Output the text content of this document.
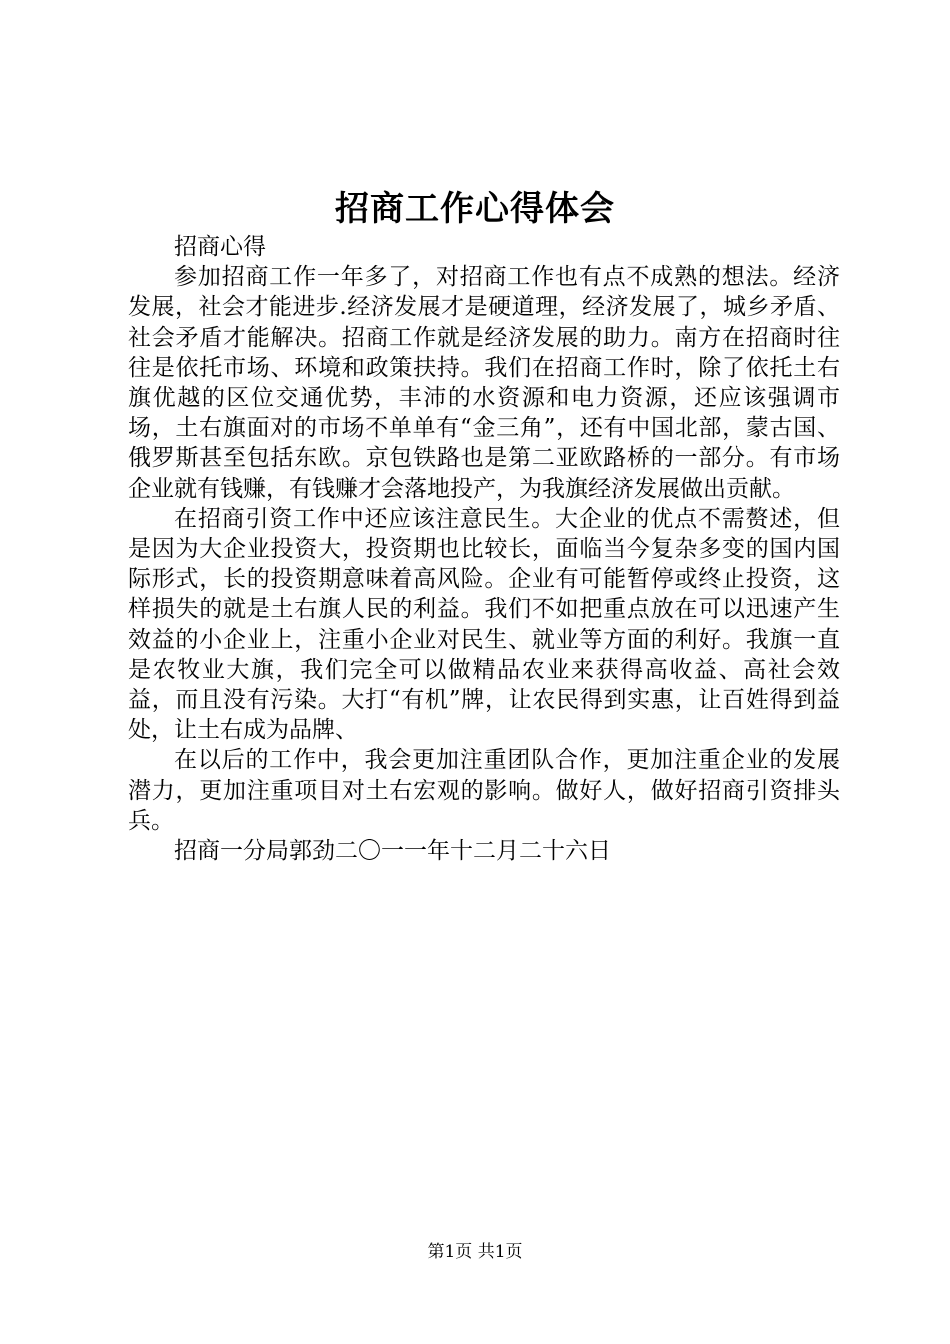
招商工作心得体会

招商心得

参加招商工作一年多了，对招商工作也有点不成熟的想法。经济发展，社会才能进步.经济发展才是硬道理，经济发展了，城乡矛盾、社会矛盾才能解决。招商工作就是经济发展的助力。南方在招商时往往是依托市场、环境和政策扶持。我们在招商工作时，除了依托土右旗优越的区位交通优势，丰沛的水资源和电力资源，还应该强调市场，土右旗面对的市场不单单有“金三角”，还有中国北部，蒙古国、俄罗斯甚至包括东欧。京包铁路也是第二亚欧路桥的一部分。有市场企业就有钱赚，有钱赚才会落地投产，为我旗经济发展做出贡献。

在招商引资工作中还应该注意民生。大企业的优点不需赘述，但是因为大企业投资大，投资期也比较长，面临当今复杂多变的国内国际形式，长的投资期意味着高风险。企业有可能暂停或终止投资，这样损失的就是土右旗人民的利益。我们不如把重点放在可以迅速产生效益的小企业上，注重小企业对民生、就业等方面的利好。我旗一直是农牧业大旗，我们完全可以做精品农业来获得高收益、高社会效益，而且没有污染。大打“有机”牌，让农民得到实惠，让百姓得到益处，让土右成为品牌、

在以后的工作中，我会更加注重团队合作，更加注重企业的发展潜力，更加注重项目对土右宏观的影响。做好人，做好招商引资排头兵。

招商一分局郭劲二〇一一年十二月二十六日

第1页 共1页
